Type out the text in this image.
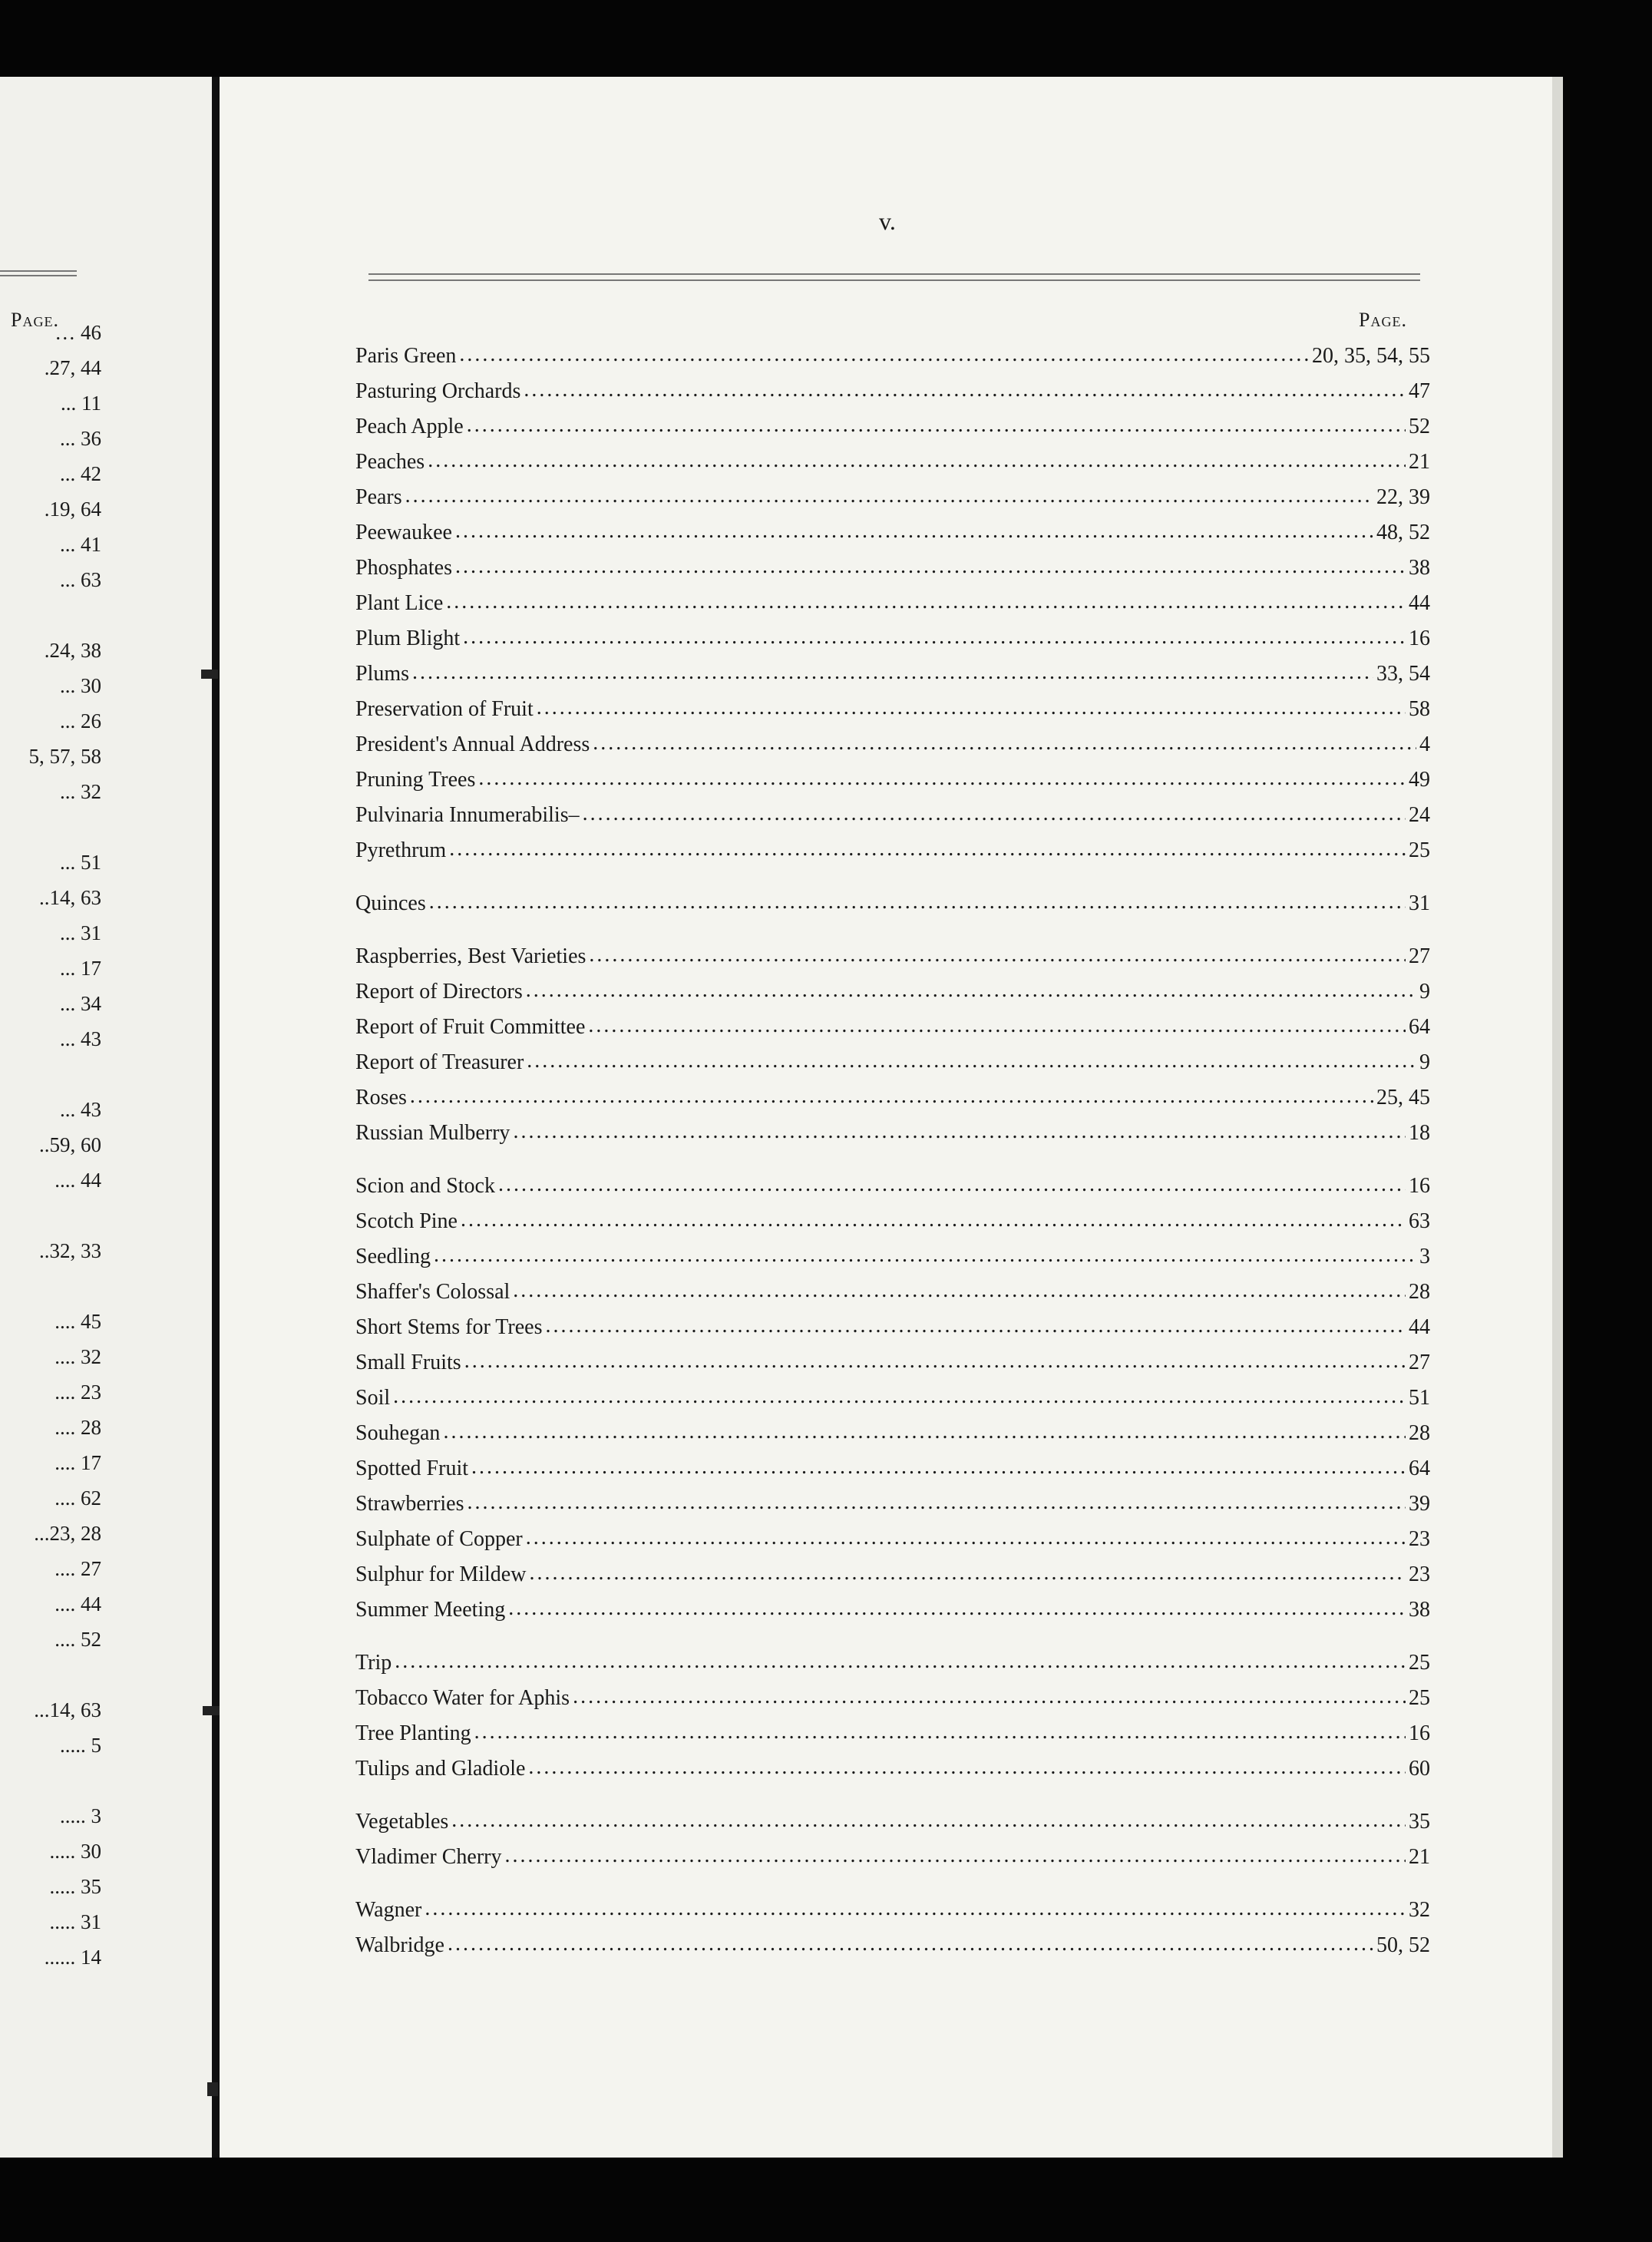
Page.
… 46
.27, 44
... 11
... 36
... 42
.19, 64
... 41
... 63
.24, 38
... 30
... 26
5, 57, 58
... 32
... 51
..14, 63
... 31
... 17
... 34
... 43
... 43
..59, 60
.... 44
..32, 33
.... 45
.... 32
.... 23
.... 28
.... 17
.... 62
...23, 28
.... 27
.... 44
.... 52
...14, 63
..... 5
..... 3
..... 30
..... 35
..... 31
...... 14
v.
Page.
Paris Green .....	20, 35, 54, 55
Pasturing Orchards .....	47
Peach Apple .....	52
Peaches .....	21
Pears .....	22, 39
Peewaukee .....	48, 52
Phosphates .....	38
Plant Lice .....	44
Plum Blight .....	16
Plums .....	33, 54
Preservation of Fruit .....	58
President's Annual Address .....	4
Pruning Trees .....	49
Pulvinaria Innumerabilis– .....	24
Pyrethrum .....	25
Quinces .....	31
Raspberries, Best Varieties .....	27
Report of Directors .....	9
Report of Fruit Committee .....	64
Report of Treasurer .....	9
Roses .....	25, 45
Russian Mulberry .....	18
Scion and Stock .....	16
Scotch Pine .....	63
Seedling .....	3
Shaffer's Colossal .....	28
Short Stems for Trees .....	44
Small Fruits .....	27
Soil .....	51
Souhegan .....	28
Spotted Fruit .....	64
Strawberries .....	39
Sulphate of Copper .....	23
Sulphur for Mildew .....	23
Summer Meeting .....	38
Trip .....	25
Tobacco Water for Aphis .....	25
Tree Planting .....	16
Tulips and Gladiole .....	60
Vegetables .....	35
Vladimer Cherry .....	21
Wagner .....	32
Walbridge .....	50, 52
